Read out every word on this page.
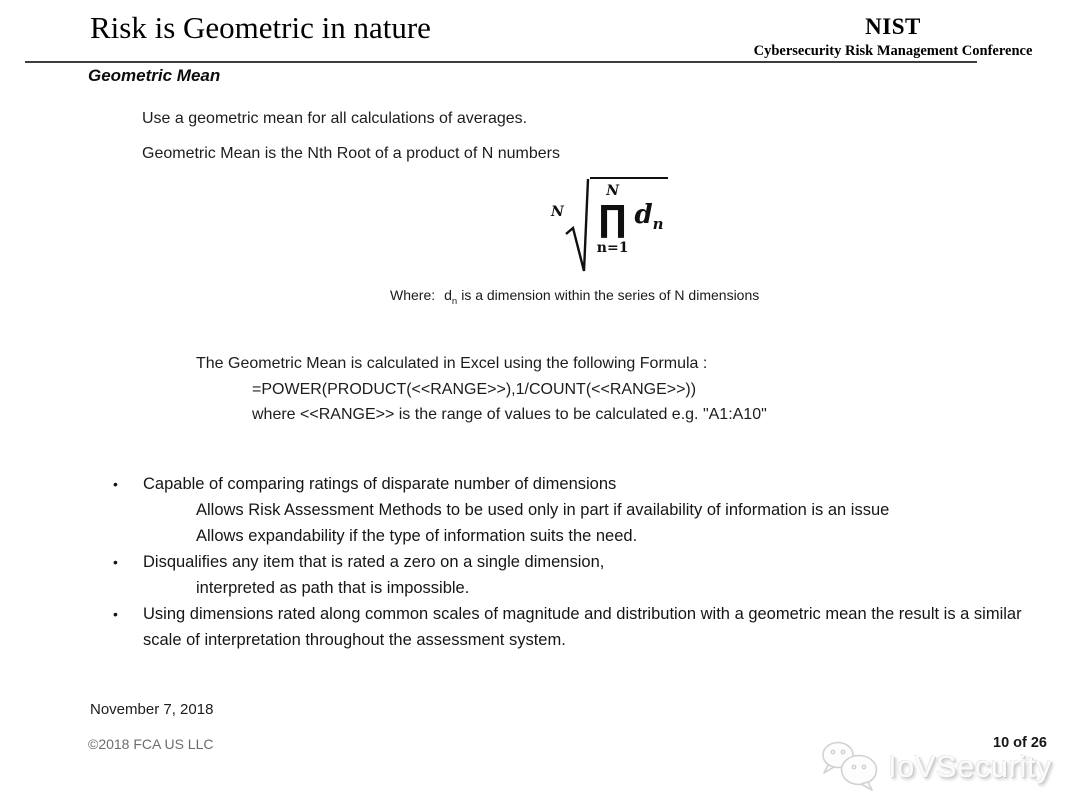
Risk is Geometric in nature	NIST
Cybersecurity Risk Management Conference
Geometric Mean
Use a geometric mean for all calculations of averages.
Geometric Mean is the Nth Root of a product of N numbers
N
N
∏
n=1
$d_n$
Where: $d_n$ is a dimension within the series of N dimensions
The Geometric Mean is calculated in Excel using the following Formula :
=POWER(PRODUCT(<<RANGE>>),1/COUNT(<<RANGE>>))
where <<RANGE>> is the range of values to be calculated e.g. "A1:A10"
•	Capable of comparing ratings of disparate number of dimensions
Allows Risk Assessment Methods to be used only in part if availability of information is an issue
Allows expandability if the type of information suits the need.
•	Disqualifies any item that is rated a zero on a single dimension,
interpreted as path that is impossible.
•	Using dimensions rated along common scales of magnitude and distribution with a geometric mean the result is a similar scale of interpretation throughout the assessment system.
November 7, 2018
©2018 FCA US LLC	10 of 26
IoVSecurity
